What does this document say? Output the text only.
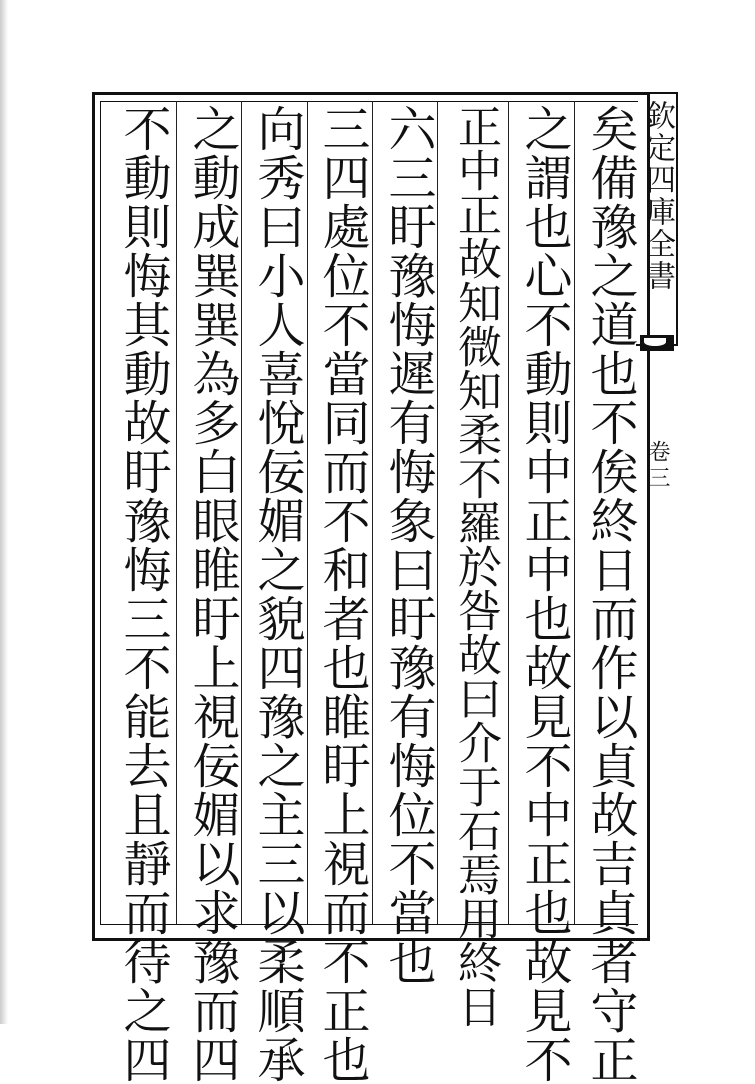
欽定四庫全書
卷三
矣備豫之道也不俟終日而作以貞故吉貞者守正
之謂也心不動則中正中也故見不中正也故見不
正中正故知微知柔不羅於咎故曰介于石焉用終日
六三盱豫悔遲有悔象曰盱豫有悔位不當也
三四處位不當同而不和者也睢盱上視而不正也
向秀曰小人喜悅佞媚之貌四豫之主三以柔順承
之動成巽巽為多白眼睢盱上視佞媚以求豫而四
不動則悔其動故盱豫悔三不能去且靜而待之四
